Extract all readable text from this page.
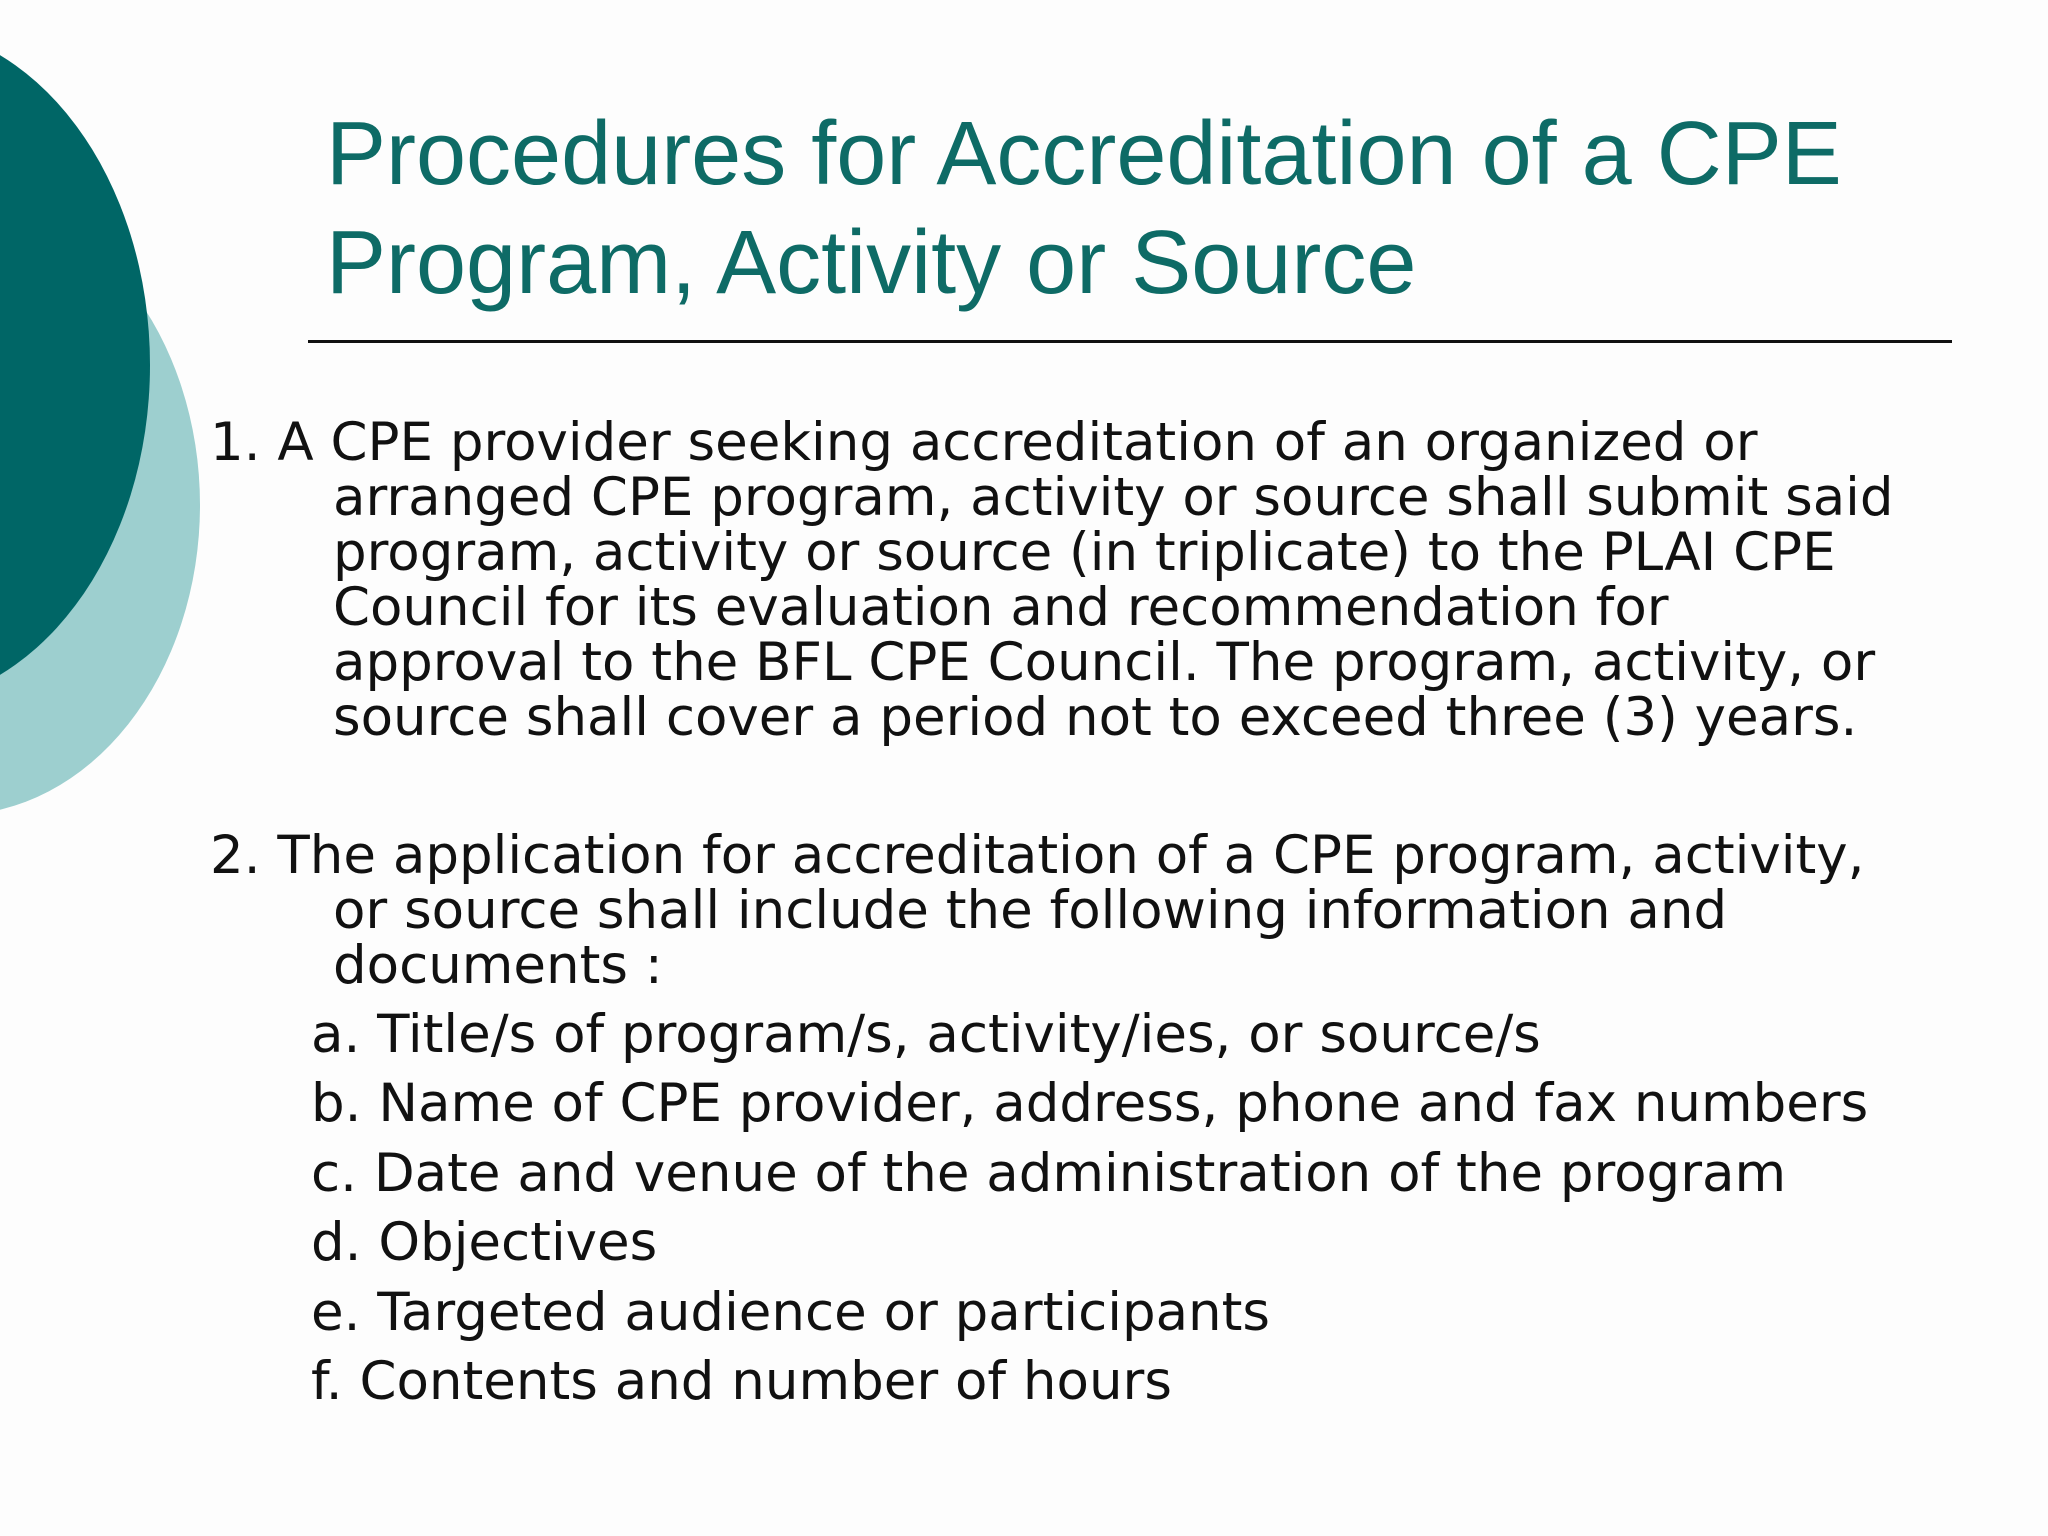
Procedures for Accreditation of a CPE
Program, Activity or Source

1. A CPE provider seeking accreditation of an organized or
arranged CPE program, activity or source shall submit said
program, activity or source (in triplicate) to the PLAI CPE
Council for its evaluation and recommendation for
approval to the BFL CPE Council. The program, activity, or
source shall cover a period not to exceed three (3) years.

2. The application for accreditation of a CPE program, activity,
or source shall include the following information and
documents :

a. Title/s of program/s, activity/ies, or source/s

b. Name of CPE provider, address, phone and fax numbers

c. Date and venue of the administration of the program

d. Objectives

e. Targeted audience or participants

f. Contents and number of hours
